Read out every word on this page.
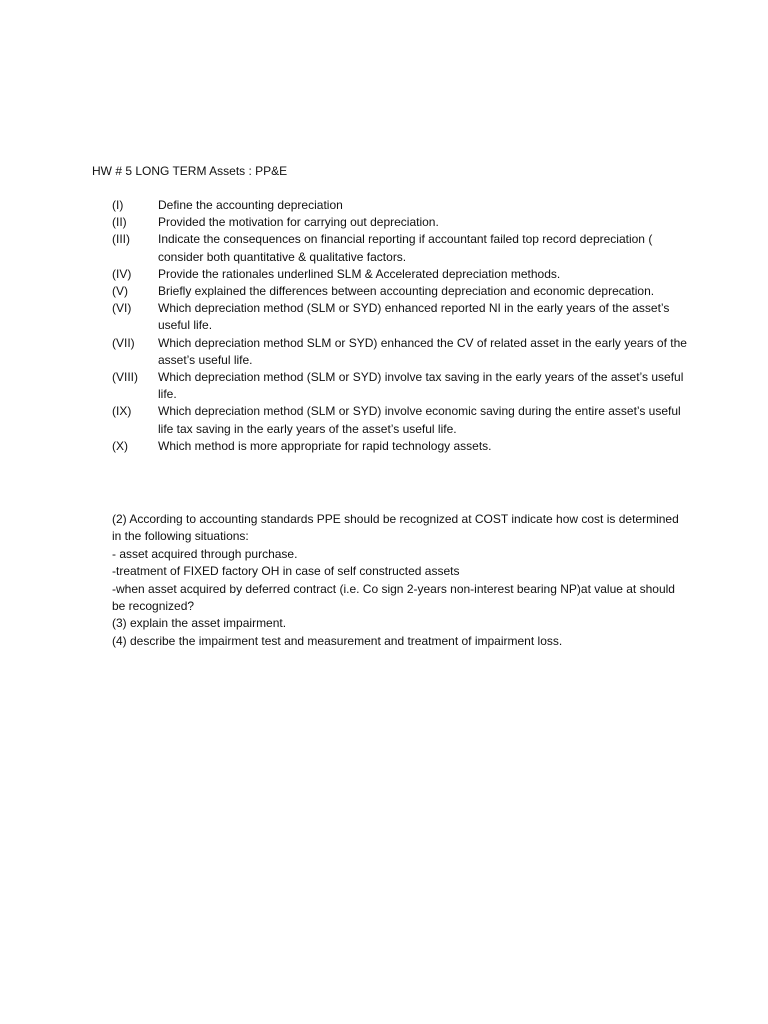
HW # 5 LONG TERM Assets : PP&E
(I)	Define the accounting depreciation
(II)	Provided the motivation for carrying out depreciation.
(III)	Indicate the consequences on financial reporting if accountant failed top record depreciation ( consider both quantitative & qualitative factors.
(IV)	Provide the rationales underlined SLM & Accelerated depreciation methods.
(V)	Briefly explained the differences between accounting depreciation and economic deprecation.
(VI)	Which depreciation method (SLM or SYD) enhanced reported NI in the early years of the asset’s useful life.
(VII)	Which depreciation method SLM or SYD) enhanced the CV of related asset in the early years of the asset’s useful life.
(VIII)	Which depreciation method (SLM or SYD) involve tax saving in the early years of the asset’s useful life.
(IX)	Which depreciation method (SLM or SYD) involve economic saving during the entire asset’s useful life tax saving in the early years of the asset’s useful life.
(X)	Which method is more appropriate for rapid technology assets.

(2) According to accounting standards PPE should be recognized at COST indicate how cost is determined in the following situations:

- asset acquired through purchase.

-treatment of FIXED factory OH in case of self constructed assets

-when asset acquired by deferred contract (i.e. Co sign 2-years non-interest bearing NP)at value at should be recognized?

(3) explain the asset impairment.

(4) describe the impairment test and measurement and treatment of impairment loss.
